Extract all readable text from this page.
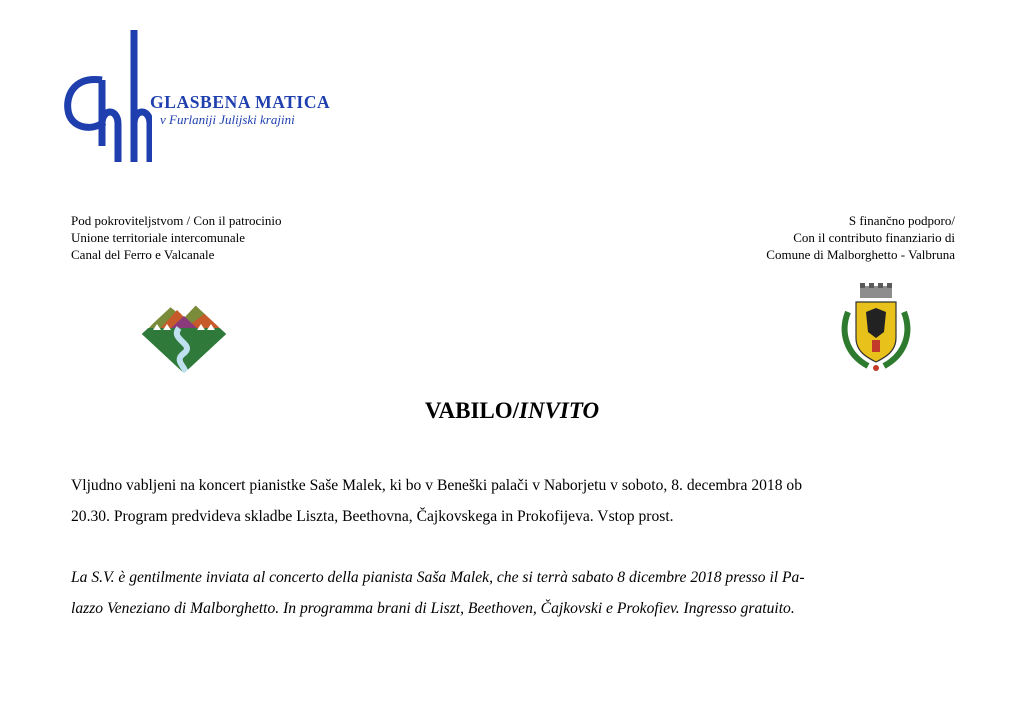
GLASBENA MATICA
v Furlaniji Julijski krajini
Pod pokroviteljstvom / Con il patrocinio
Unione territoriale intercomunale
Canal del Ferro e Valcanale
S finančno podporo/
Con il contributo finanziario di
Comune di Malborghetto - Valbruna
VABILO/INVITO
Vljudno vabljeni na koncert pianistke Saše Malek, ki bo v Beneški palači v Naborjetu v soboto, 8. decembra 2018 ob
20.30. Program predvideva skladbe Liszta, Beethovna, Čajkovskega in Prokofijeva. Vstop prost.
La S.V. è gentilmente inviata al concerto della pianista Saša Malek, che si terrà sabato 8 dicembre 2018 presso il Pa-
lazzo Veneziano di Malborghetto. In programma brani di Liszt, Beethoven, Čajkovski e Prokofiev. Ingresso gratuito.
